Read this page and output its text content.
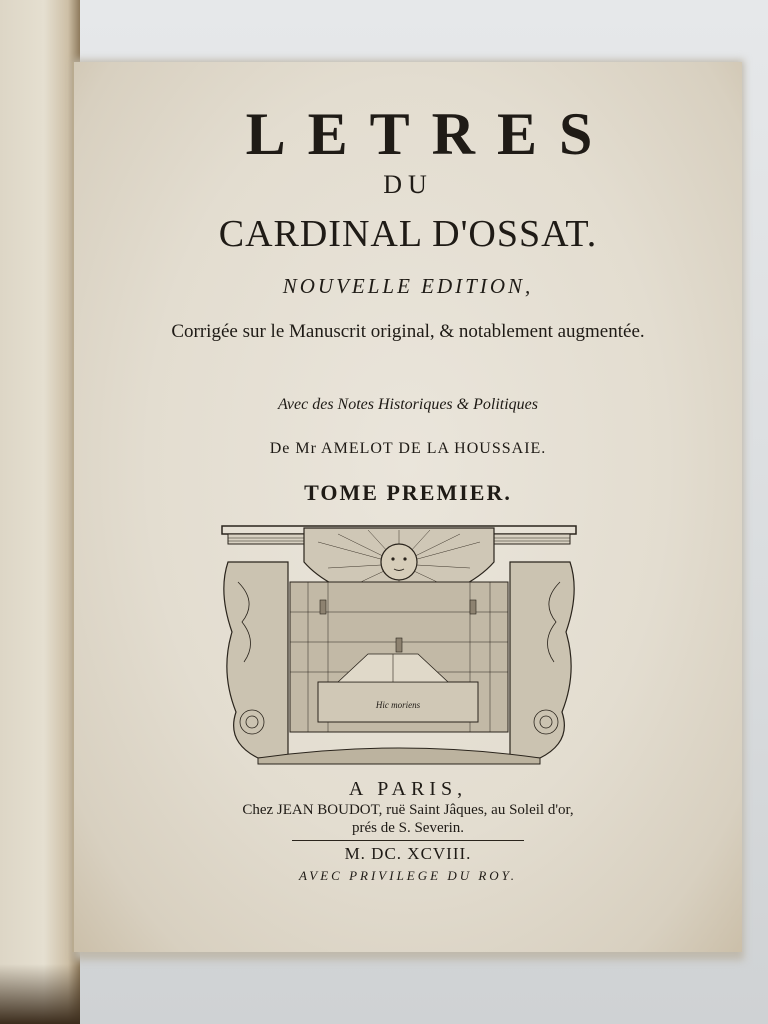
LETRES
DU
CARDINAL D'OSSAT.
NOUVELLE EDITION,
Corrigée sur le Manuscrit original, & notablement augmentée.
Avec des Notes Historiques & Politiques
De Mr AMELOT DE LA HOUSSAIE.
TOME PREMIER.
Hic moriens
A PARIS,
Chez JEAN BOUDOT, ruë Saint Jâques, au Soleil d'or,
prés de S. Severin.
M. DC. XCVIII.
AVEC PRIVILEGE DU ROY.
